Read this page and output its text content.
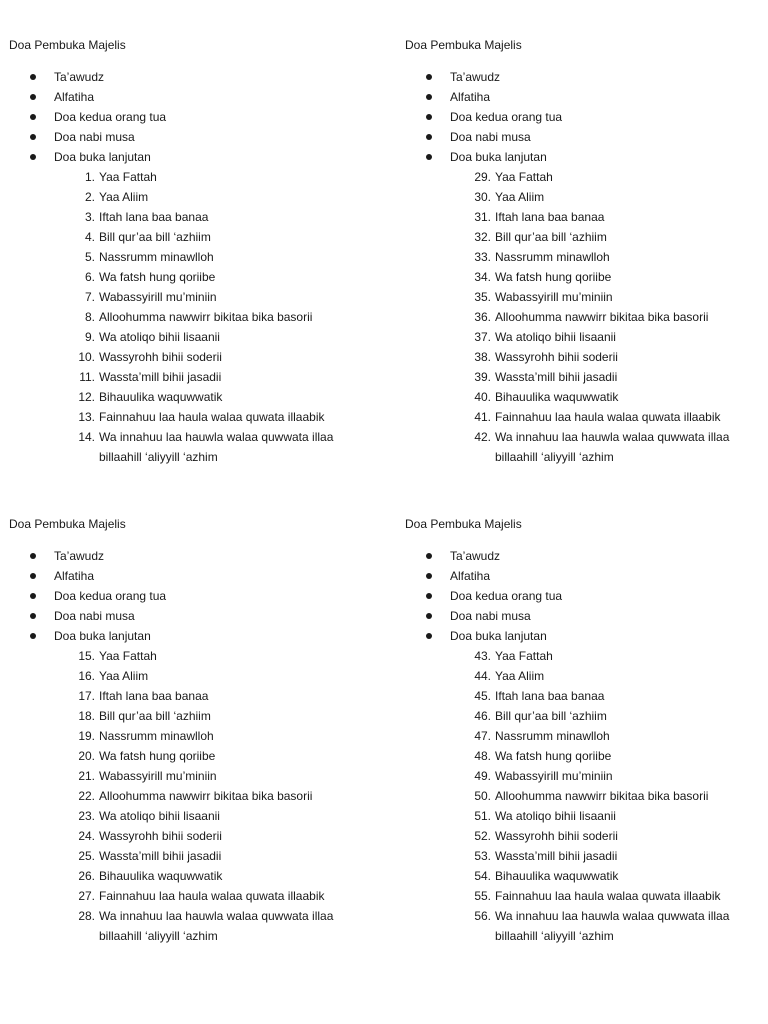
Doa Pembuka Majelis
Ta’awudz
Alfatiha
Doa kedua orang tua
Doa nabi musa
Doa buka lanjutan
1. Yaa Fattah
2. Yaa Aliim
3. Iftah lana baa banaa
4. Bill qur’aa bill ‘azhiim
5. Nassrumm minawlloh
6. Wa fatsh hung qoriibe
7. Wabassyirill mu’miniin
8. Alloohumma nawwirr bikitaa bika basorii
9. Wa atoliqo bihii lisaanii
10. Wassyrohh bihii soderii
11. Wassta’mill bihii jasadii
12. Bihauulika waquwwatik
13. Fainnahuu laa haula walaa quwata illaabik
14. Wa innahuu laa hauwla walaa quwwata illaa billaahill ‘aliyyill ‘azhim
Doa Pembuka Majelis
Ta’awudz
Alfatiha
Doa kedua orang tua
Doa nabi musa
Doa buka lanjutan
29. Yaa Fattah
30. Yaa Aliim
31. Iftah lana baa banaa
32. Bill qur’aa bill ‘azhiim
33. Nassrumm minawlloh
34. Wa fatsh hung qoriibe
35. Wabassyirill mu’miniin
36. Alloohumma nawwirr bikitaa bika basorii
37. Wa atoliqo bihii lisaanii
38. Wassyrohh bihii soderii
39. Wassta’mill bihii jasadii
40. Bihauulika waquwwatik
41. Fainnahuu laa haula walaa quwata illaabik
42. Wa innahuu laa hauwla walaa quwwata illaa billaahill ‘aliyyill ‘azhim
Doa Pembuka Majelis
Ta’awudz
Alfatiha
Doa kedua orang tua
Doa nabi musa
Doa buka lanjutan
15. Yaa Fattah
16. Yaa Aliim
17. Iftah lana baa banaa
18. Bill qur’aa bill ‘azhiim
19. Nassrumm minawlloh
20. Wa fatsh hung qoriibe
21. Wabassyirill mu’miniin
22. Alloohumma nawwirr bikitaa bika basorii
23. Wa atoliqo bihii lisaanii
24. Wassyrohh bihii soderii
25. Wassta’mill bihii jasadii
26. Bihauulika waquwwatik
27. Fainnahuu laa haula walaa quwata illaabik
28. Wa innahuu laa hauwla walaa quwwata illaa billaahill ‘aliyyill ‘azhim
Doa Pembuka Majelis
Ta’awudz
Alfatiha
Doa kedua orang tua
Doa nabi musa
Doa buka lanjutan
43. Yaa Fattah
44. Yaa Aliim
45. Iftah lana baa banaa
46. Bill qur’aa bill ‘azhiim
47. Nassrumm minawlloh
48. Wa fatsh hung qoriibe
49. Wabassyirill mu’miniin
50. Alloohumma nawwirr bikitaa bika basorii
51. Wa atoliqo bihii lisaanii
52. Wassyrohh bihii soderii
53. Wassta’mill bihii jasadii
54. Bihauulika waquwwatik
55. Fainnahuu laa haula walaa quwata illaabik
56. Wa innahuu laa hauwla walaa quwwata illaa billaahill ‘aliyyill ‘azhim
